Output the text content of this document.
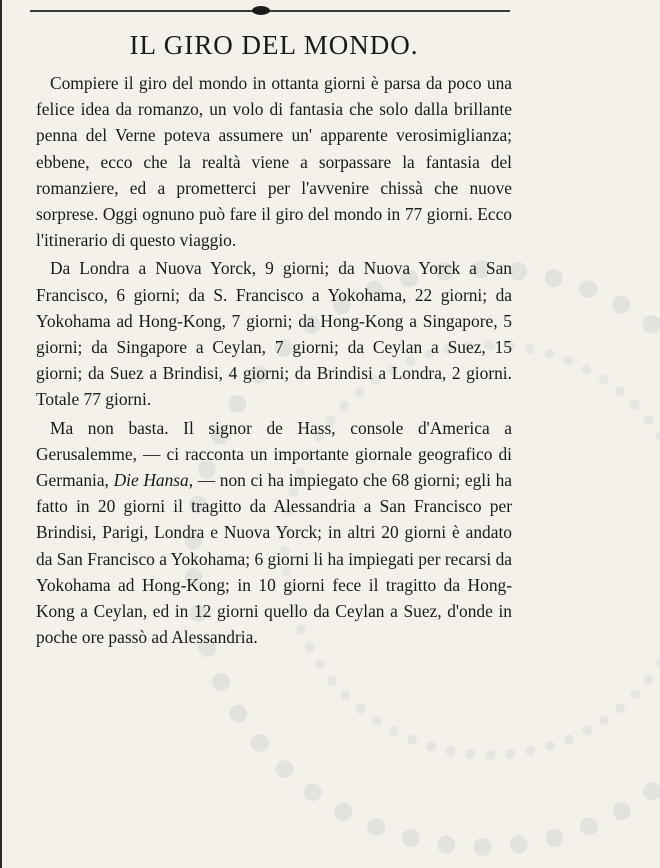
IL GIRO DEL MONDO.

Compiere il giro del mondo in ottanta giorni è parsa da poco una felice idea da romanzo, un volo di fantasia che solo dalla brillante penna del Verne poteva assumere un' apparente verosimiglianza; ebbene, ecco che la realtà viene a sorpassare la fantasia del romanziere, ed a prometterci per l'avvenire chissà che nuove sorprese. Oggi ognuno può fare il giro del mondo in 77 giorni. Ecco l'itinerario di questo viaggio.

Da Londra a Nuova Yorck, 9 giorni; da Nuova Yorck a San Francisco, 6 giorni; da S. Francisco a Yokohama, 22 giorni; da Yokohama ad Hong-Kong, 7 giorni; da Hong-Kong a Singapore, 5 giorni; da Singapore a Ceylan, 7 giorni; da Ceylan a Suez, 15 giorni; da Suez a Brindisi, 4 giorni; da Brindisi a Londra, 2 giorni. Totale 77 giorni.

Ma non basta. Il signor de Hass, console d'America a Gerusalemme, — ci racconta un importante giornale geografico di Germania, Die Hansa, — non ci ha impiegato che 68 giorni; egli ha fatto in 20 giorni il tragitto da Alessandria a San Francisco per Brindisi, Parigi, Londra e Nuova Yorck; in altri 20 giorni è andato da San Francisco a Yokohama; 6 giorni li ha impiegati per recarsi da Yokohama ad Hong-Kong; in 10 giorni fece il tragitto da Hong-Kong a Ceylan, ed in 12 giorni quello da Ceylan a Suez, d'onde in poche ore passò ad Alessandria.
